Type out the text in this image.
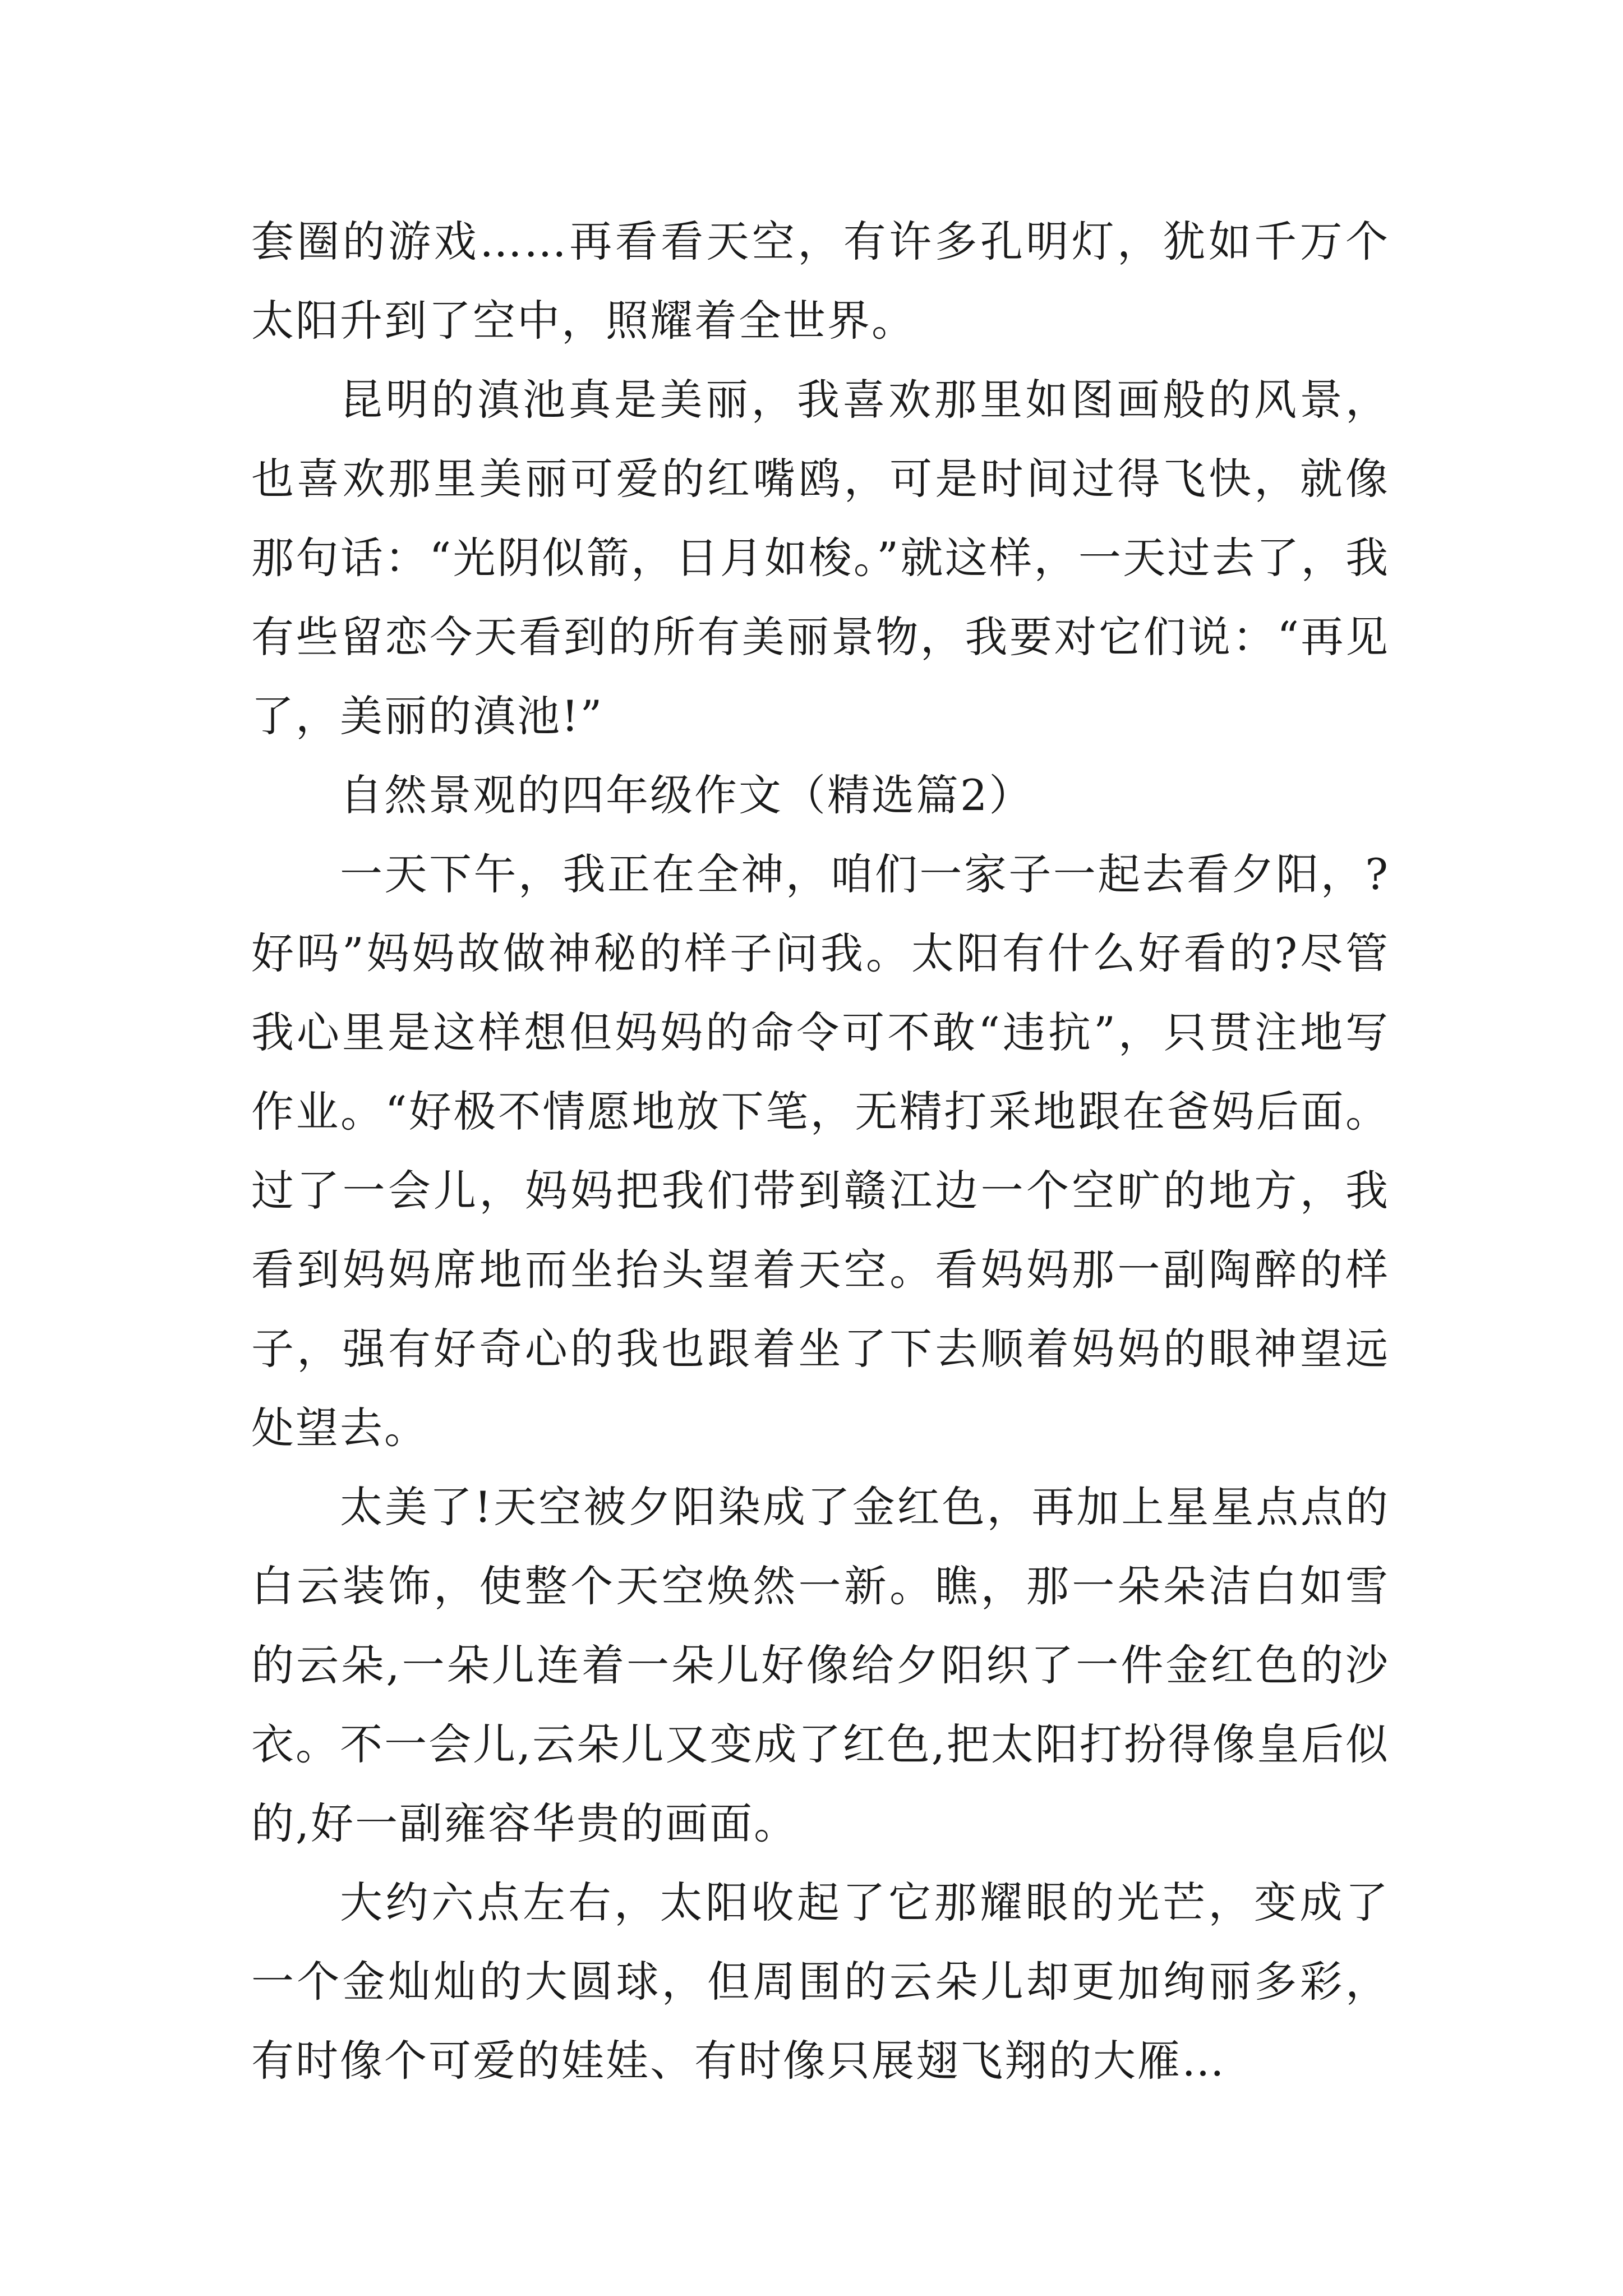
套圈的游戏……再看看天空，有许多孔明灯，犹如千万个太阳升到了空中，照耀着全世界。

昆明的滇池真是美丽，我喜欢那里如图画般的风景，也喜欢那里美丽可爱的红嘴鸥，可是时间过得飞快，就像那句话：“光阴似箭，日月如梭。”就这样，一天过去了，我有些留恋今天看到的所有美丽景物，我要对它们说：“再见了，美丽的滇池!”

自然景观的四年级作文（精选篇2）

一天下午，我正在全神，咱们一家子一起去看夕阳，?好吗”妈妈故做神秘的样子问我。太阳有什么好看的?尽管我心里是这样想但妈妈的命令可不敢“违抗”，只贯注地写作业。“好极不情愿地放下笔，无精打采地跟在爸妈后面。过了一会儿，妈妈把我们带到赣江边一个空旷的地方，我看到妈妈席地而坐抬头望着天空。看妈妈那一副陶醉的样子，强有好奇心的我也跟着坐了下去顺着妈妈的眼神望远处望去。

太美了!天空被夕阳染成了金红色，再加上星星点点的白云装饰，使整个天空焕然一新。瞧，那一朵朵洁白如雪的云朵,一朵儿连着一朵儿好像给夕阳织了一件金红色的沙衣。不一会儿,云朵儿又变成了红色,把太阳打扮得像皇后似的,好一副雍容华贵的画面。

大约六点左右，太阳收起了它那耀眼的光芒，变成了一个金灿灿的大圆球，但周围的云朵儿却更加绚丽多彩，有时像个可爱的娃娃、有时像只展翅飞翔的大雁…
